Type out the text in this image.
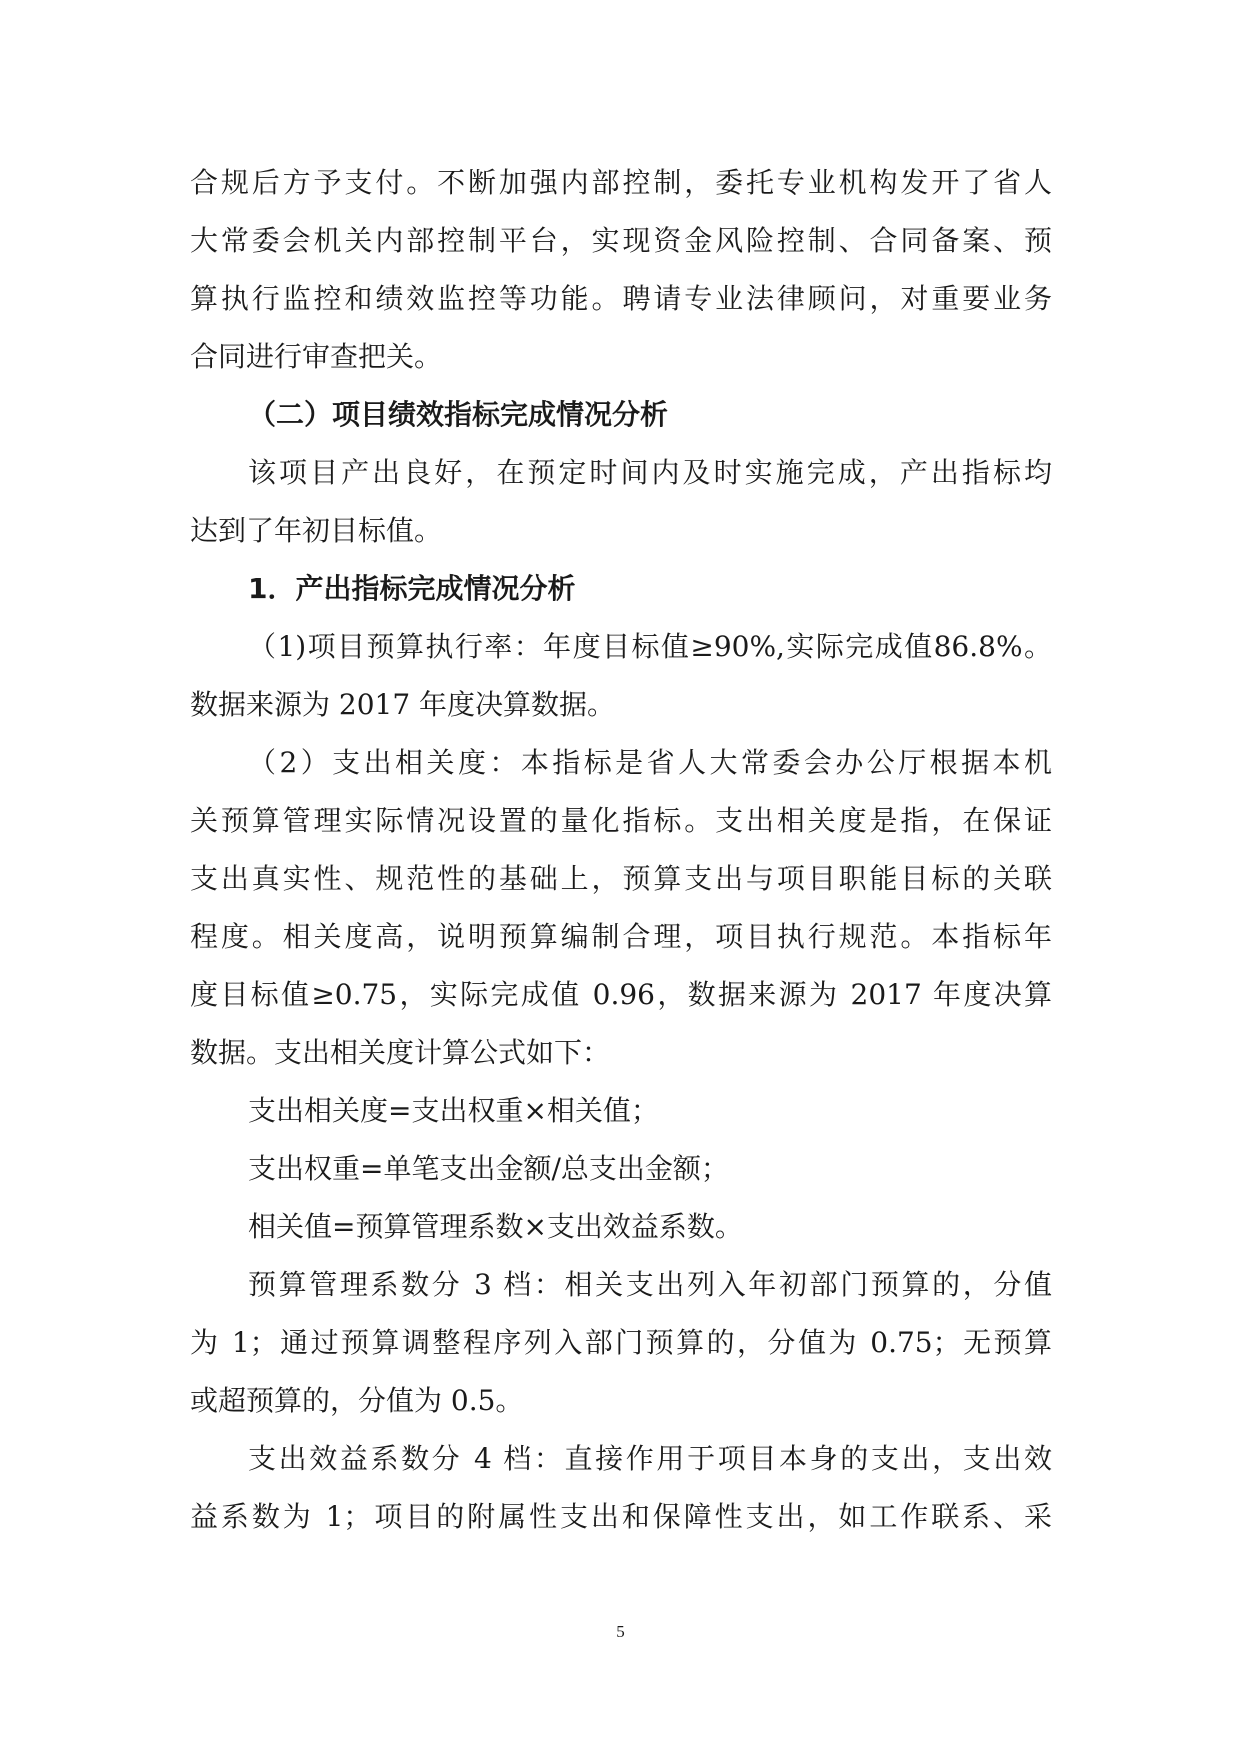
合规后方予支付。不断加强内部控制，委托专业机构发开了省人
大常委会机关内部控制平台，实现资金风险控制、合同备案、预
算执行监控和绩效监控等功能。聘请专业法律顾问，对重要业务
合同进行审查把关。
（二）项目绩效指标完成情况分析
该项目产出良好，在预定时间内及时实施完成，产出指标均
达到了年初目标值。
1．产出指标完成情况分析
（1)项目预算执行率：年度目标值≥90%,实际完成值86.8%。
数据来源为 2017 年度决算数据。
（2）支出相关度：本指标是省人大常委会办公厅根据本机
关预算管理实际情况设置的量化指标。支出相关度是指，在保证
支出真实性、规范性的基础上，预算支出与项目职能目标的关联
程度。相关度高，说明预算编制合理，项目执行规范。本指标年
度目标值≥0.75，实际完成值 0.96，数据来源为 2017 年度决算
数据。支出相关度计算公式如下：
支出相关度=支出权重×相关值；
支出权重=单笔支出金额/总支出金额；
相关值=预算管理系数×支出效益系数。
预算管理系数分 3 档：相关支出列入年初部门预算的，分值
为 1；通过预算调整程序列入部门预算的，分值为 0.75；无预算
或超预算的，分值为 0.5。
支出效益系数分 4 档：直接作用于项目本身的支出，支出效
益系数为 1；项目的附属性支出和保障性支出，如工作联系、采
5
